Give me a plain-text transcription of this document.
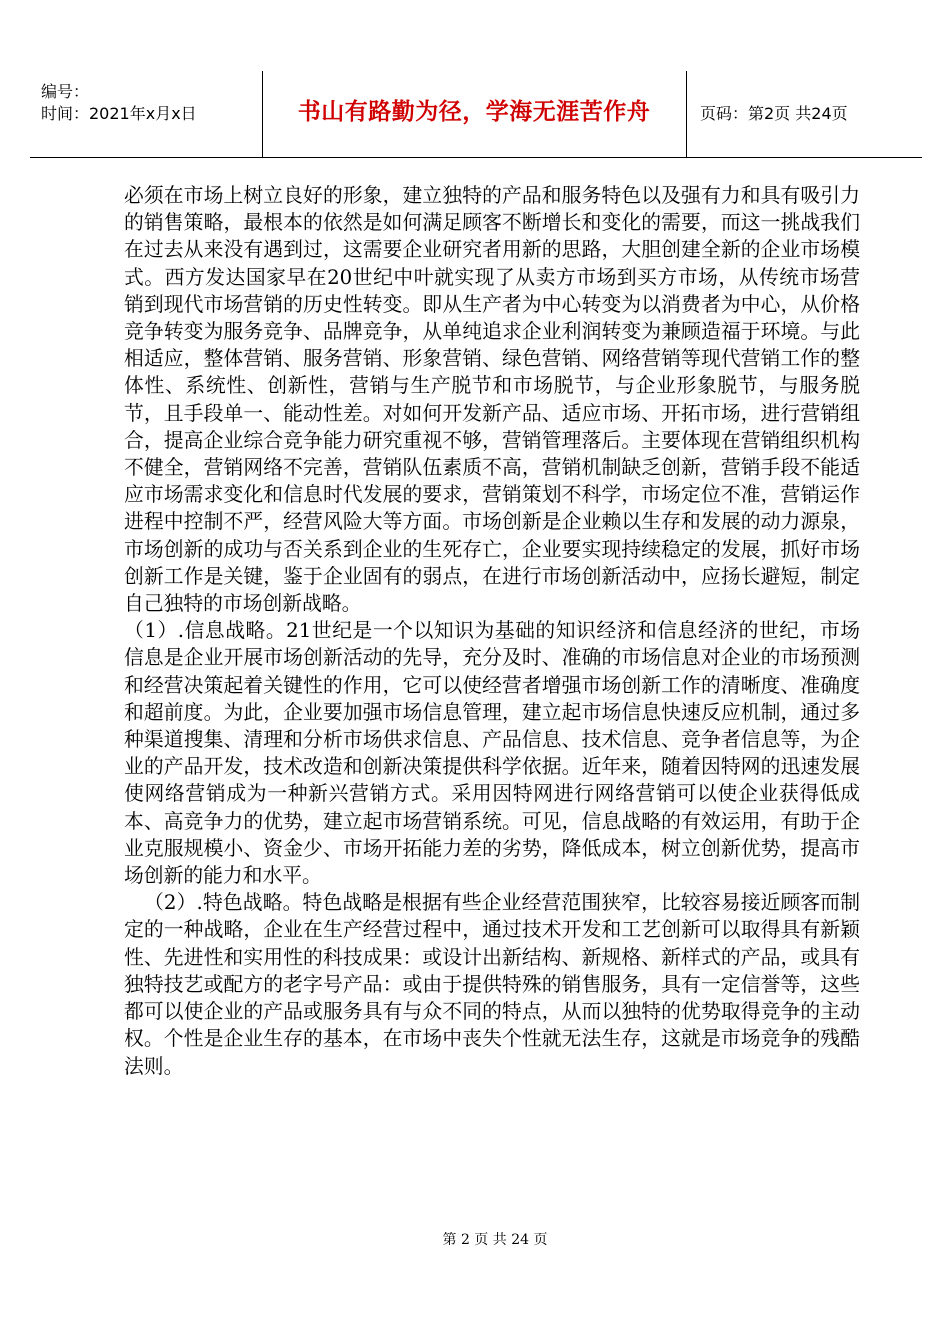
编号：
时间：2021年x月x日	书山有路勤为径，学海无涯苦作舟	页码：第2页 共24页

必须在市场上树立良好的形象，建立独特的产品和服务特色以及强有力和具有吸引力的销售策略，最根本的依然是如何满足顾客不断增长和变化的需要，而这一挑战我们在过去从来没有遇到过，这需要企业研究者用新的思路，大胆创建全新的企业市场模式。西方发达国家早在20世纪中叶就实现了从卖方市场到买方市场，从传统市场营销到现代市场营销的历史性转变。即从生产者为中心转变为以消费者为中心，从价格竞争转变为服务竞争、品牌竞争，从单纯追求企业利润转变为兼顾造福于环境。与此相适应，整体营销、服务营销、形象营销、绿色营销、网络营销等现代营销工作的整体性、系统性、创新性，营销与生产脱节和市场脱节，与企业形象脱节，与服务脱节，且手段单一、能动性差。对如何开发新产品、适应市场、开拓市场，进行营销组合，提高企业综合竞争能力研究重视不够，营销管理落后。主要体现在营销组织机构不健全，营销网络不完善，营销队伍素质不高，营销机制缺乏创新，营销手段不能适应市场需求变化和信息时代发展的要求，营销策划不科学，市场定位不准，营销运作进程中控制不严，经营风险大等方面。市场创新是企业赖以生存和发展的动力源泉，市场创新的成功与否关系到企业的生死存亡，企业要实现持续稳定的发展，抓好市场创新工作是关键，鉴于企业固有的弱点，在进行市场创新活动中，应扬长避短，制定自己独特的市场创新战略。

（1）.信息战略。21世纪是一个以知识为基础的知识经济和信息经济的世纪，市场信息是企业开展市场创新活动的先导，充分及时、准确的市场信息对企业的市场预测和经营决策起着关键性的作用，它可以使经营者增强市场创新工作的清晰度、准确度和超前度。为此，企业要加强市场信息管理，建立起市场信息快速反应机制，通过多种渠道搜集、清理和分析市场供求信息、产品信息、技术信息、竞争者信息等，为企业的产品开发，技术改造和创新决策提供科学依据。近年来，随着因特网的迅速发展使网络营销成为一种新兴营销方式。采用因特网进行网络营销可以使企业获得低成本、高竞争力的优势，建立起市场营销系统。可见，信息战略的有效运用，有助于企业克服规模小、资金少、市场开拓能力差的劣势，降低成本，树立创新优势，提高市场创新的能力和水平。

（2）.特色战略。特色战略是根据有些企业经营范围狭窄，比较容易接近顾客而制定的一种战略，企业在生产经营过程中，通过技术开发和工艺创新可以取得具有新颖性、先进性和实用性的科技成果：或设计出新结构、新规格、新样式的产品，或具有独特技艺或配方的老字号产品：或由于提供特殊的销售服务，具有一定信誉等，这些都可以使企业的产品或服务具有与众不同的特点，从而以独特的优势取得竞争的主动权。个性是企业生存的基本，在市场中丧失个性就无法生存，这就是市场竞争的残酷法则。

第 2 页 共 24 页
